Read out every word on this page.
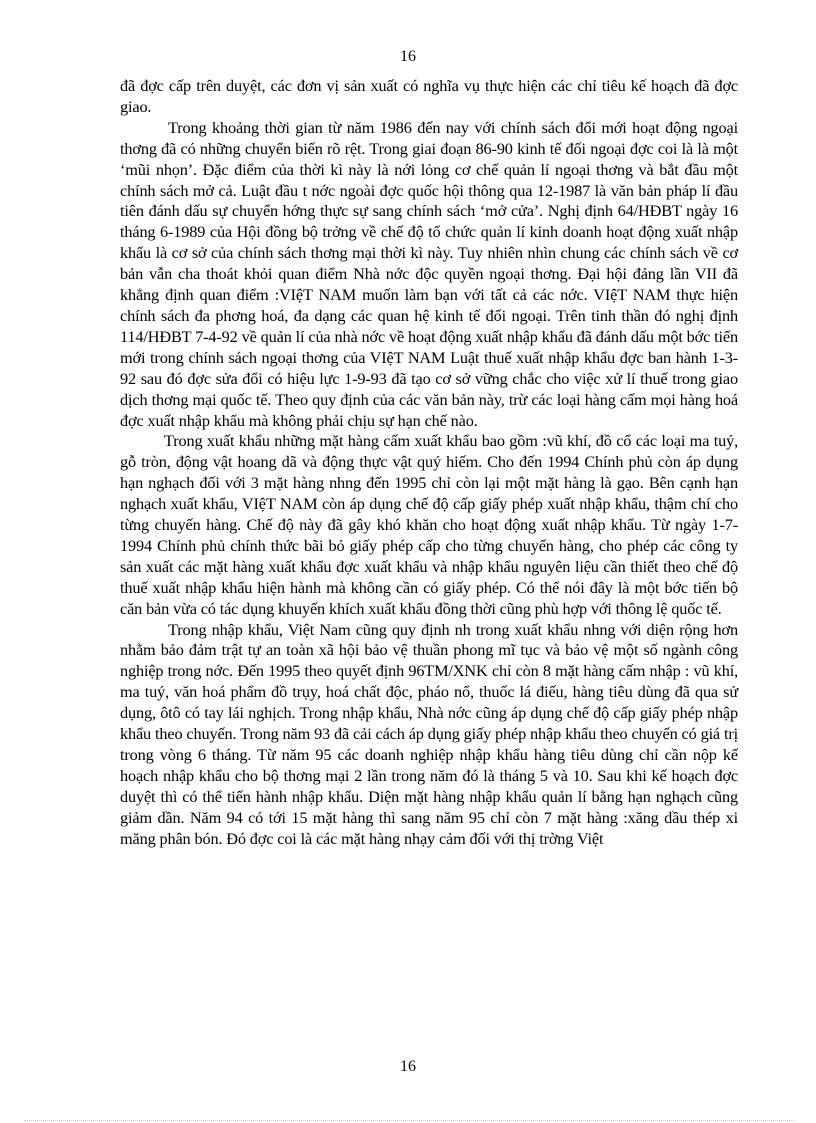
16

đã đợc cấp trên duyệt, các đơn vị sản xuất có nghĩa vụ thực hiện các chỉ tiêu kế hoạch đã đợc giao.

Trong khoảng thời gian từ năm 1986 đến nay với chính sách đổi mới hoạt động ngoại thơng đã có những chuyển biến rõ rệt. Trong giai đoạn 86-90 kinh tế đối ngoại đợc coi là là một ‘mũi nhọn’. Đặc điểm của thời kì này là nới lỏng cơ chế quản lí ngoại thơng và bắt đầu một chính sách mở cả. Luật đầu t nớc ngoài đợc quốc hội thông qua 12-1987 là văn bản pháp lí đầu tiên đánh dấu sự chuyển hớng thực sự sang chính sách ‘mở cửa’. Nghị định 64/HĐBT ngày 16 tháng 6-1989 của Hội đồng bộ trởng về chế độ tổ chức quản lí kinh doanh hoạt động xuất nhập khẩu là cơ sở của chính sách thơng mại thời kì này. Tuy nhiên nhìn chung các chính sách về cơ bản vẫn cha thoát khỏi quan điểm Nhà nớc độc quyền ngoại thơng. Đại hội đảng lần VII đã khẳng định quan điểm :VIệT NAM muốn làm bạn với tất cả các nớc. VIệT NAM thực hiện chính sách đa phơng hoá, đa dạng các quan hệ kinh tế đối ngoại. Trên tinh thần đó nghị định 114/HĐBT 7-4-92 về quản lí của nhà nớc về hoạt động xuất nhập khẩu đã đánh dấu một bớc tiến mới trong chính sách ngoại thơng của VIệT NAM Luật thuế xuất nhập khẩu đợc ban hành 1-3-92 sau đó đợc sửa đổi có hiệu lực 1-9-93 đã tạo cơ sở vững chắc cho việc xử lí thuế trong giao dịch thơng mại quốc tế. Theo quy định của các văn bản này, trừ các loại hàng cấm mọi hàng hoá đợc xuất nhập khẩu mà không phải chịu sự hạn chế nào.

Trong xuất khẩu những mặt hàng cấm xuất khẩu bao gồm :vũ khí, đồ cổ các loại ma tuý, gỗ tròn, động vật hoang dã và động thực vật quý hiếm. Cho đến 1994 Chính phủ còn áp dụng hạn nghạch đối với 3 mặt hàng nhng đến 1995 chỉ còn lại một mặt hàng là gạo. Bên cạnh hạn nghạch xuất khẩu, VIệT NAM còn áp dụng chế độ cấp giấy phép xuất nhập khẩu, thậm chí cho từng chuyến hàng. Chế độ này đã gây khó khăn cho hoạt động xuất nhập khẩu. Từ ngày 1-7-1994 Chính phủ chính thức bãi bỏ giấy phép cấp cho từng chuyến hàng, cho phép các công ty sản xuất các mặt hàng xuất khẩu đợc xuất khẩu và nhập khẩu nguyên liệu cần thiết theo chế độ thuế xuất nhập khẩu hiện hành mà không cần có giấy phép. Có thể nói đây là một bớc tiến bộ căn bản vừa có tác dụng khuyến khích xuất khẩu đồng thời cũng phù hợp với thông lệ quốc tế.

Trong nhập khẩu, Việt Nam cũng quy định nh trong xuất khẩu nhng với diện rộng hơn nhằm bảo đảm trật tự an toàn xã hội bảo vệ thuần phong mĩ tục và bảo vệ một số ngành công nghiệp trong nớc. Đến 1995 theo quyết định 96TM/XNK chỉ còn 8 mặt hàng cấm nhập : vũ khí, ma tuý, văn hoá phẩm đồ trụy, hoá chất độc, pháo nổ, thuốc lá điếu, hàng tiêu dùng đã qua sử dụng, ôtô có tay lái nghịch. Trong nhập khẩu, Nhà nớc cũng áp dụng chế độ cấp giấy phép nhập khẩu theo chuyến. Trong năm 93 đã cải cách áp dụng giấy phép nhập khẩu theo chuyến có giá trị trong vòng 6 tháng. Từ năm 95 các doanh nghiệp nhập khẩu hàng tiêu dùng chỉ cần nộp kế hoạch nhập khẩu cho bộ thơng mại 2 lần trong năm đó là tháng 5 và 10. Sau khi kế hoạch đợc duyệt thì có thể tiến hành nhập khẩu. Diện mặt hàng nhập khẩu quản lí bằng hạn nghạch cũng giảm dần. Năm 94 có tới 15 mặt hàng thì sang năm 95 chỉ còn 7 mặt hàng :xăng dầu thép xi măng phân bón. Đó đợc coi là các mặt hàng nhạy cảm đối với thị trờng Việt

16
